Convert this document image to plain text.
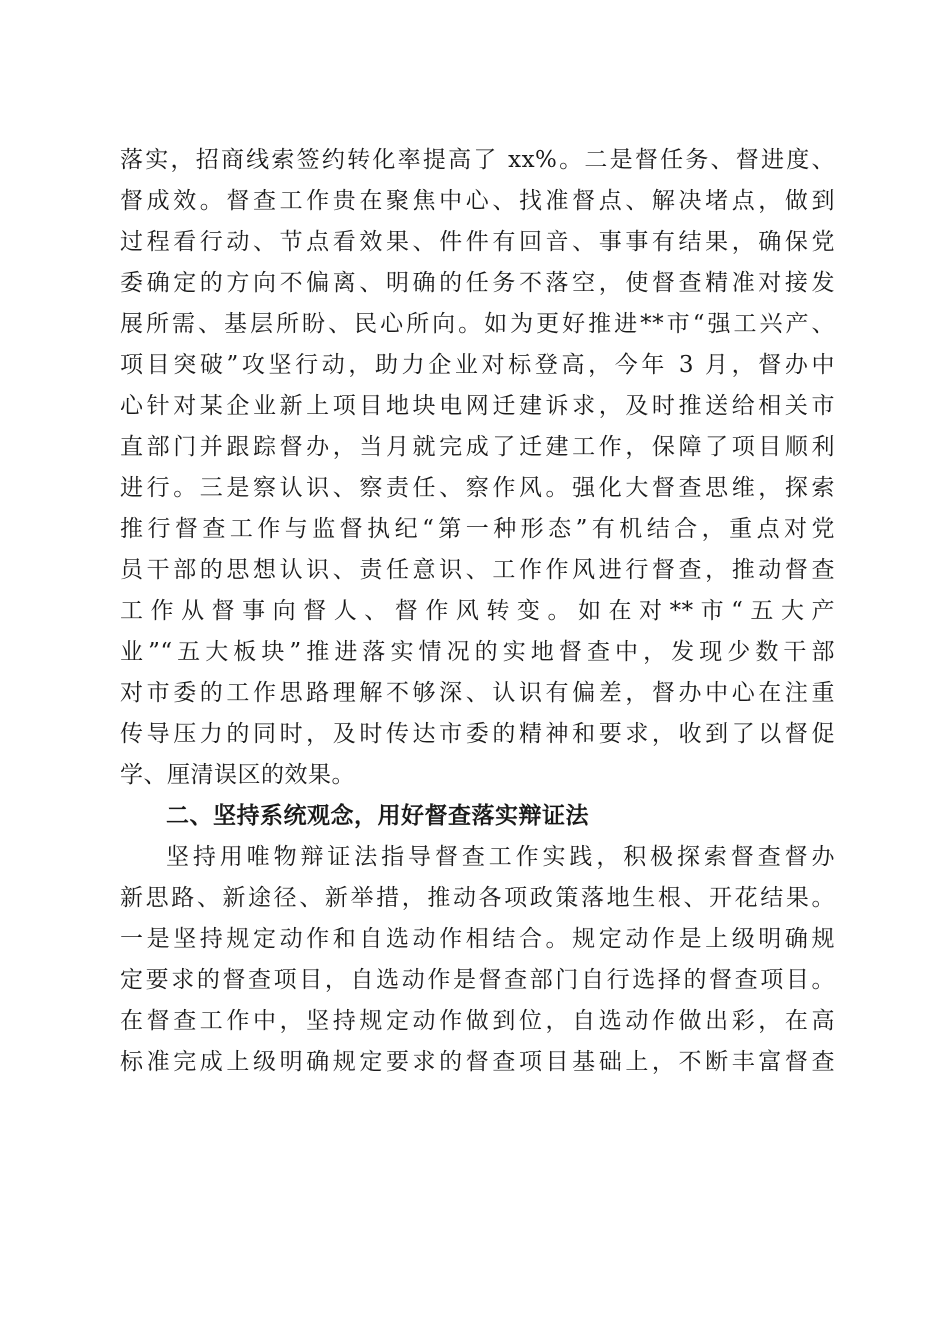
落实，招商线索签约转化率提高了 xx%。二是督任务、督进度、
督成效。督查工作贵在聚焦中心、找准督点、解决堵点，做到
过程看行动、节点看效果、件件有回音、事事有结果，确保党
委确定的方向不偏离、明确的任务不落空，使督查精准对接发
展所需、基层所盼、民心所向。如为更好推进**市“强工兴产、
项目突破”攻坚行动，助力企业对标登高，今年 3 月，督办中
心针对某企业新上项目地块电网迁建诉求，及时推送给相关市
直部门并跟踪督办，当月就完成了迁建工作，保障了项目顺利
进行。三是察认识、察责任、察作风。强化大督查思维，探索
推行督查工作与监督执纪“第一种形态”有机结合，重点对党
员干部的思想认识、责任意识、工作作风进行督查，推动督查
工作从督事向督人、督作风转变。如在对**市“五大产
业”“五大板块”推进落实情况的实地督查中，发现少数干部
对市委的工作思路理解不够深、认识有偏差，督办中心在注重
传导压力的同时，及时传达市委的精神和要求，收到了以督促
学、厘清误区的效果。
二、坚持系统观念，用好督查落实辩证法
坚持用唯物辩证法指导督查工作实践，积极探索督查督办
新思路、新途径、新举措，推动各项政策落地生根、开花结果。
一是坚持规定动作和自选动作相结合。规定动作是上级明确规
定要求的督查项目，自选动作是督查部门自行选择的督查项目。
在督查工作中，坚持规定动作做到位，自选动作做出彩，在高
标准完成上级明确规定要求的督查项目基础上，不断丰富督查
